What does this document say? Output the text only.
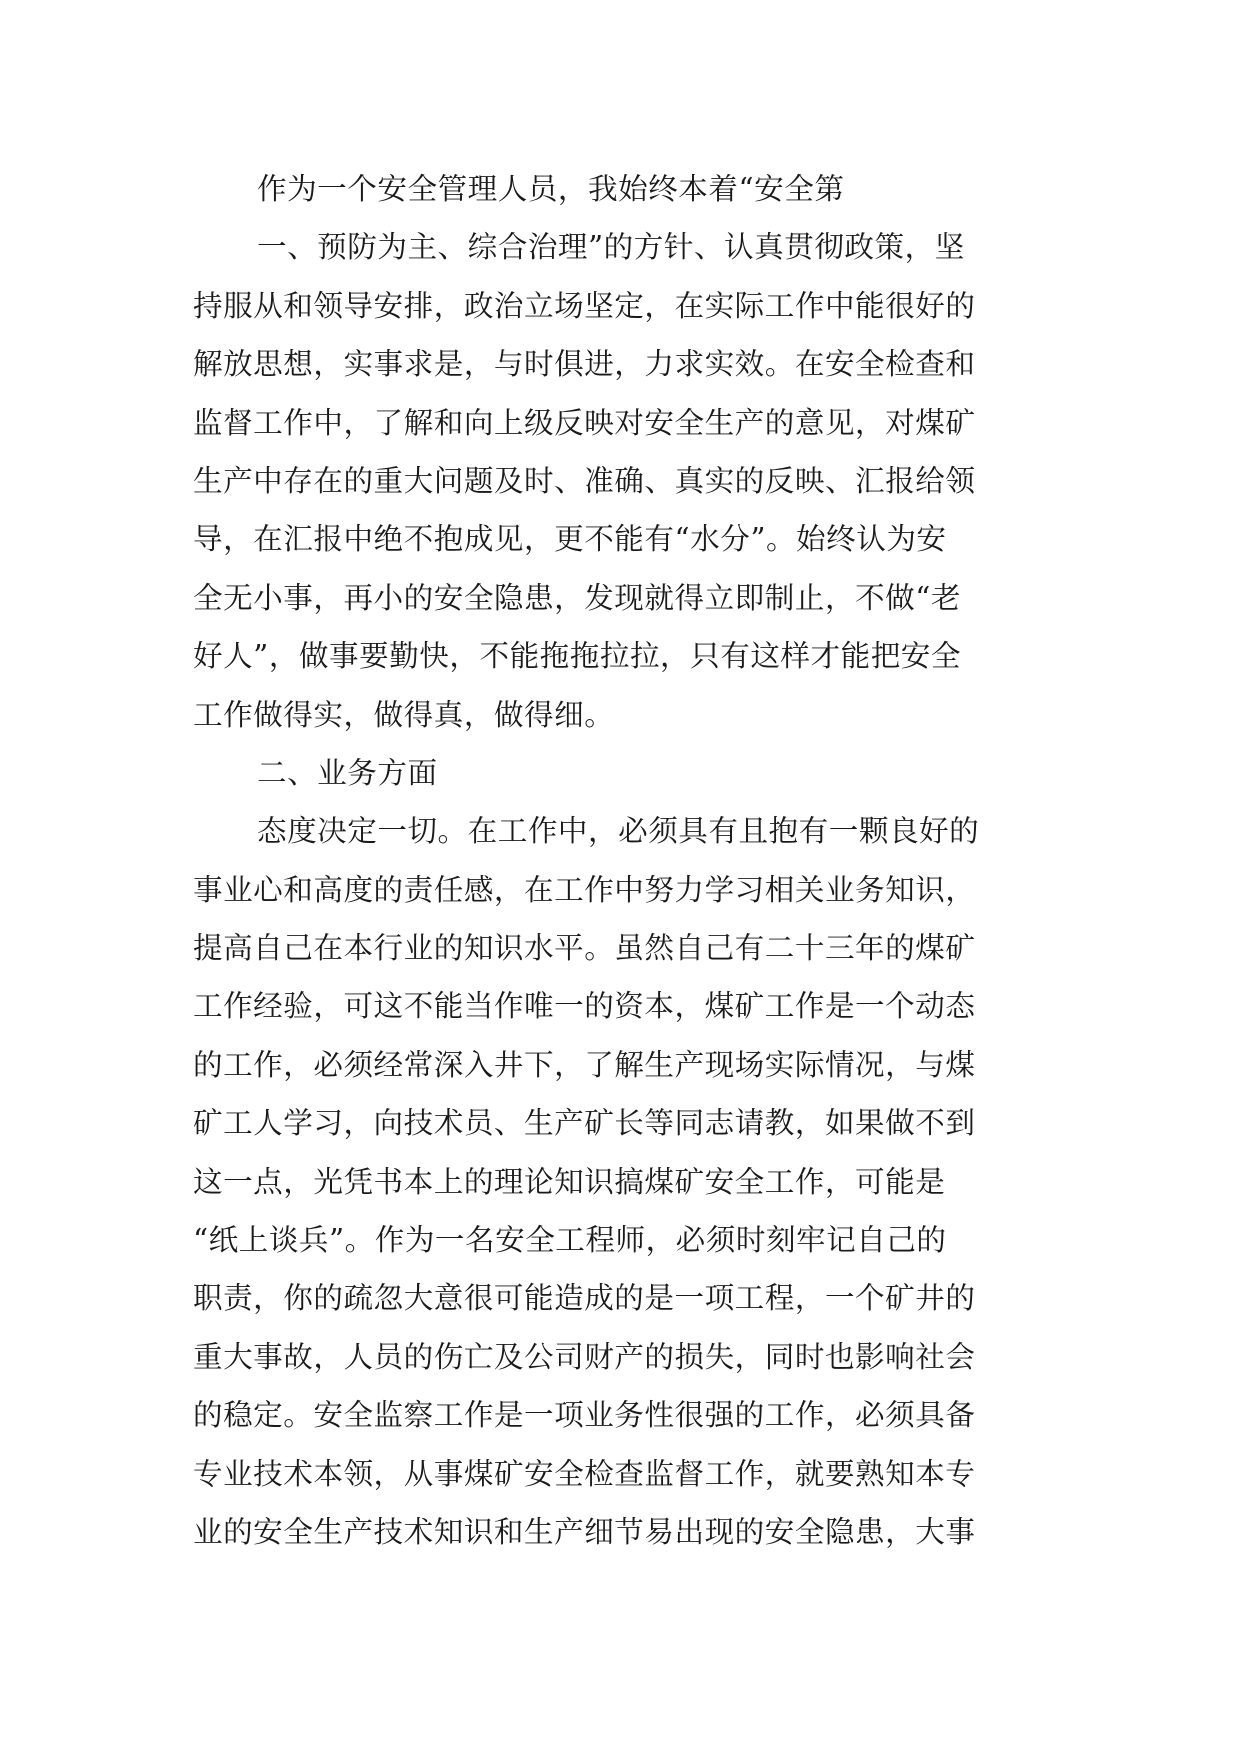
作为一个安全管理人员，我始终本着“安全第
一、预防为主、综合治理”的方针、认真贯彻政策，坚
持服从和领导安排，政治立场坚定，在实际工作中能很好的
解放思想，实事求是，与时俱进，力求实效。在安全检查和
监督工作中，了解和向上级反映对安全生产的意见，对煤矿
生产中存在的重大问题及时、准确、真实的反映、汇报给领
导，在汇报中绝不抱成见，更不能有“水分”。始终认为安
全无小事，再小的安全隐患，发现就得立即制止，不做“老
好人”，做事要勤快，不能拖拖拉拉，只有这样才能把安全
工作做得实，做得真，做得细。
二、业务方面
态度决定一切。在工作中，必须具有且抱有一颗良好的
事业心和高度的责任感，在工作中努力学习相关业务知识，
提高自己在本行业的知识水平。虽然自己有二十三年的煤矿
工作经验，可这不能当作唯一的资本，煤矿工作是一个动态
的工作，必须经常深入井下，了解生产现场实际情况，与煤
矿工人学习，向技术员、生产矿长等同志请教，如果做不到
这一点，光凭书本上的理论知识搞煤矿安全工作，可能是
“纸上谈兵”。作为一名安全工程师，必须时刻牢记自己的
职责，你的疏忽大意很可能造成的是一项工程，一个矿井的
重大事故，人员的伤亡及公司财产的损失，同时也影响社会
的稳定。安全监察工作是一项业务性很强的工作，必须具备
专业技术本领，从事煤矿安全检查监督工作，就要熟知本专
业的安全生产技术知识和生产细节易出现的安全隐患，大事
